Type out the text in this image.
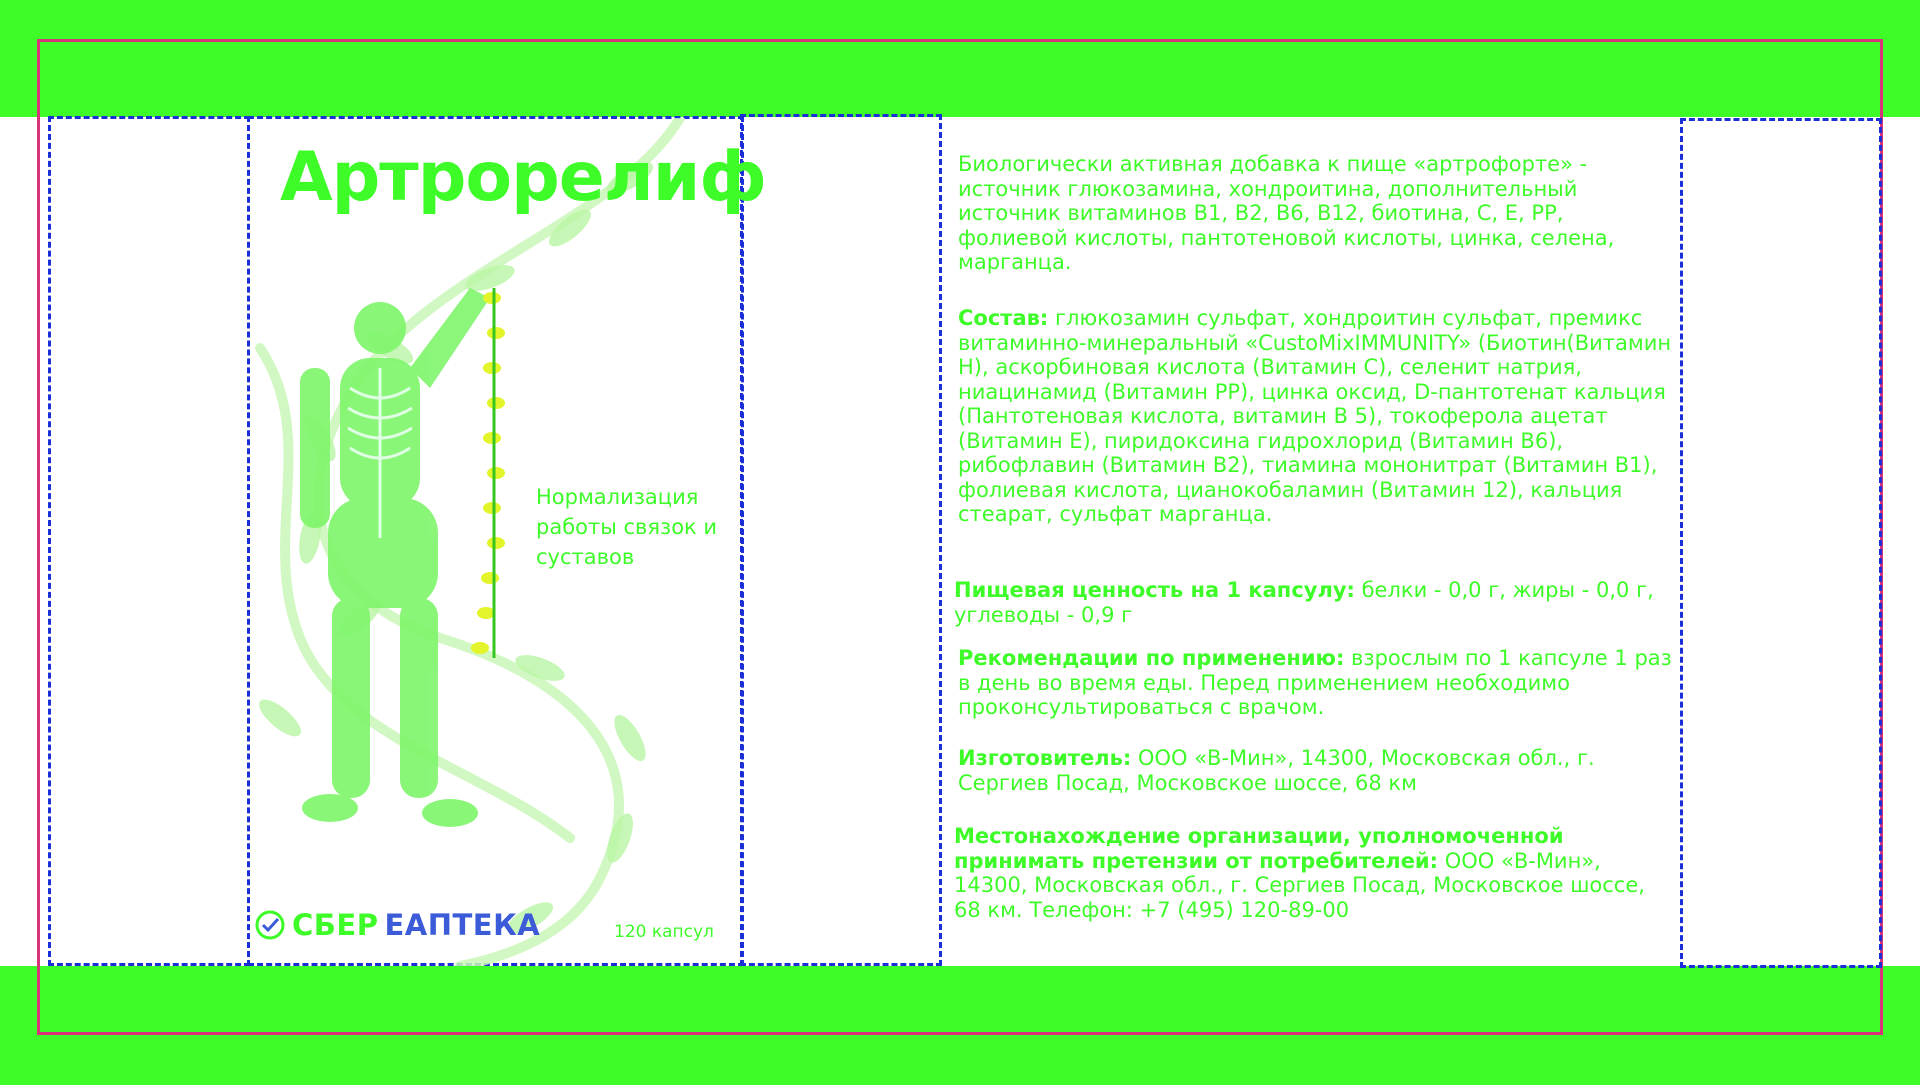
Артрорелиф
Нормализация работы связок и суставов
СБЕР ЕАПТЕКА	120 капсул
Биологически активная добавка к пище «артрофорте» - источник глюкозамина, хондроитина, дополнительный источник витаминов В1, В2, В6, В12, биотина, С, Е, РР, фолиевой кислоты, пантотеновой кислоты, цинка, селена, марганца.
Состав: глюкозамин сульфат, хондроитин сульфат, премикс витаминно-минеральный «CustoMixIMMUNITY» (Биотин(Витамин Н), аскорбиновая кислота (Витамин С), селенит натрия, ниацинамид (Витамин РР), цинка оксид, D-пантотенат кальция (Пантотеновая кислота, витамин В 5), токоферола ацетат (Витамин Е), пиридоксина гидрохлорид (Витамин В6), рибофлавин (Витамин В2), тиамина мононитрат (Витамин В1), фолиевая кислота, цианокобаламин (Витамин 12), кальция стеарат, сульфат марганца.
Пищевая ценность на 1 капсулу: белки - 0,0 г, жиры - 0,0 г, углеводы - 0,9 г
Рекомендации по применению: взрослым по 1 капсуле 1 раз в день во время еды. Перед применением необходимо проконсультироваться с врачом.
Изготовитель: ООО «В-Мин», 14300, Московская обл., г. Сергиев Посад, Московское шоссе, 68 км
Местонахождение организации, уполномоченной принимать претензии от потребителей: ООО «В-Мин», 14300, Московская обл., г. Сергиев Посад, Московское шоссе, 68 км. Телефон: +7 (495) 120-89-00
